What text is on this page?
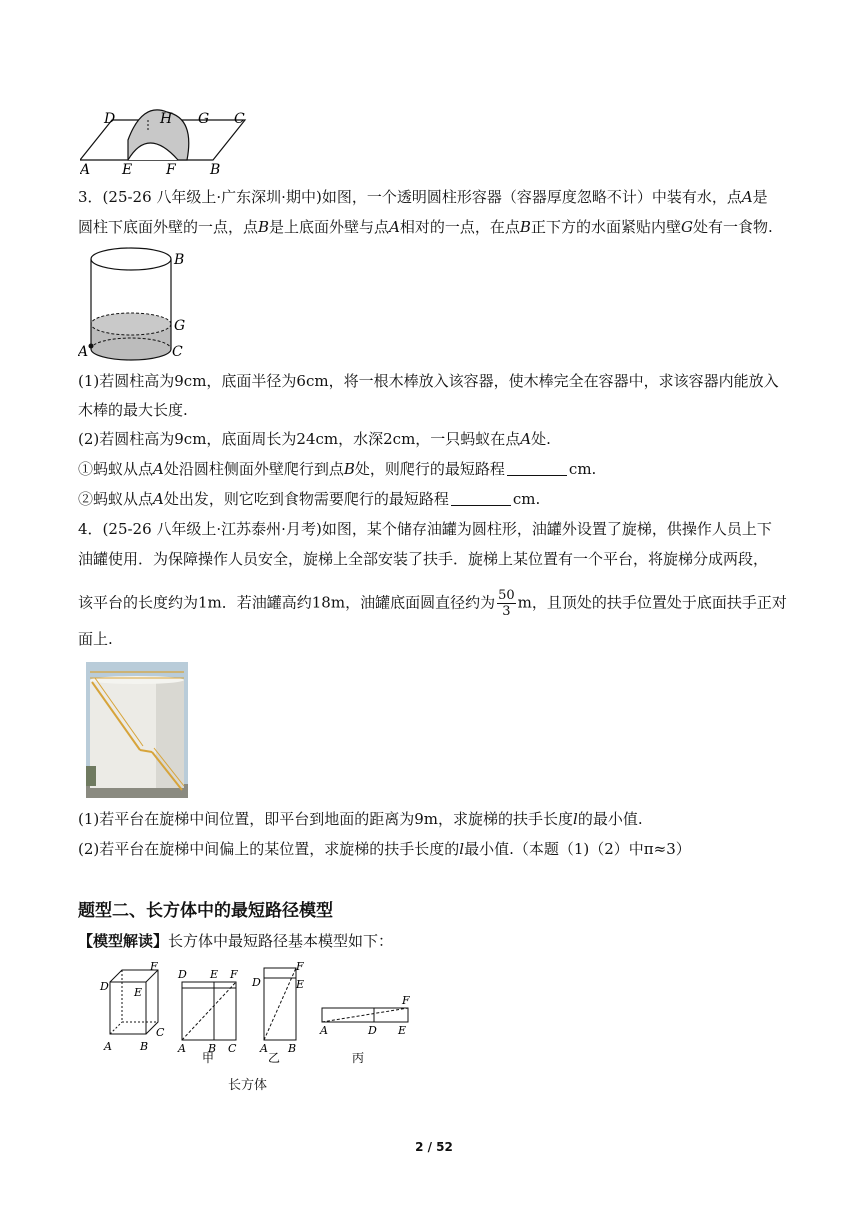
D	H G C
A E F B
3．(25-26 八年级上·广东深圳·期中)如图，一个透明圆柱形容器（容器厚度忽略不计）中装有水，点A是
圆柱下底面外壁的一点，点B是上底面外壁与点A相对的一点，在点B正下方的水面紧贴内壁G处有一食物.
B
G
A	C
(1)若圆柱高为9cm，底面半径为6cm，将一根木棒放入该容器，使木棒完全在容器中，求该容器内能放入
木棒的最大长度.
(2)若圆柱高为9cm，底面周长为24cm，水深2cm，一只蚂蚁在点A处.
①蚂蚁从点A处沿圆柱侧面外壁爬行到点B处，则爬行的最短路程	cm.
②蚂蚁从点A处出发，则它吃到食物需要爬行的最短路程	cm.
4．(25-26 八年级上·江苏泰州·月考)如图，某个储存油罐为圆柱形，油罐外设置了旋梯，供操作人员上下
油罐使用．为保障操作人员安全，旋梯上全部安装了扶手．旋梯上某位置有一个平台，将旋梯分成两段，
该平台的长度约为1m．若油罐高约18m，油罐底面圆直径约为 $\frac{50}{3}$ m，且顶处的扶手位置处于底面扶手正对
面上.
(1)若平台在旋梯中间位置，即平台到地面的距离为9m，求旋梯的扶手长度l的最小值.
(2)若平台在旋梯中间偏上的某位置，求旋梯的扶手长度的l最小值.（本题（1)（2）中π≈3）
题型二、长方体中的最短路径模型
【模型解读】长方体中最短路径基本模型如下：
F
D E
C
A	B
D E F
A B C
甲
F
D	E
A B
乙
F
A	D E
丙
长方体
2 / 52
